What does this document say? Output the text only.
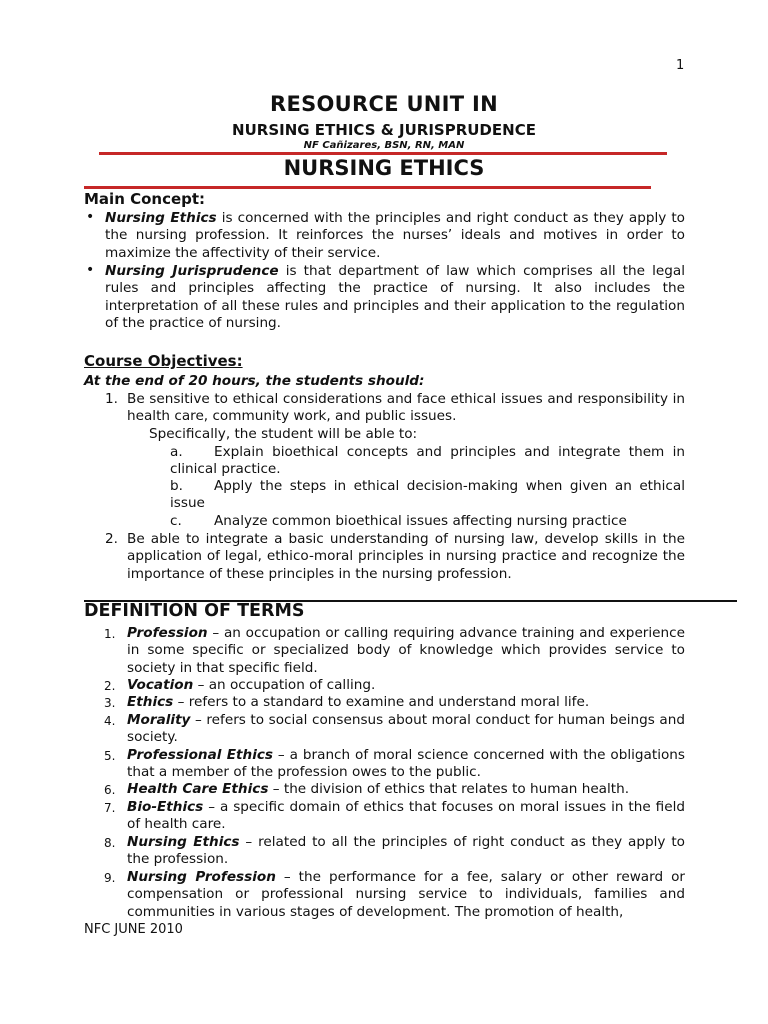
1
RESOURCE UNIT IN
NURSING ETHICS & JURISPRUDENCE
NF Cañizares, BSN, RN, MAN
NURSING ETHICS
Main Concept:
• Nursing Ethics is concerned with the principles and right conduct as they apply to the nursing profession. It reinforces the nurses’ ideals and motives in order to maximize the affectivity of their service.
• Nursing Jurisprudence is that department of law which comprises all the legal rules and principles affecting the practice of nursing. It also includes the interpretation of all these rules and principles and their application to the regulation of the practice of nursing.
Course Objectives:
At the end of 20 hours, the students should:
1. Be sensitive to ethical considerations and face ethical issues and responsibility in health care, community work, and public issues.
Specifically, the student will be able to:
a.	Explain bioethical concepts and principles and integrate them in clinical practice.
b.	Apply the steps in ethical decision-making when given an ethical issue
c.	Analyze common bioethical issues affecting nursing practice
2. Be able to integrate a basic understanding of nursing law, develop skills in the application of legal, ethico-moral principles in nursing practice and recognize the importance of these principles in the nursing profession.
DEFINITION OF TERMS
1. Profession – an occupation or calling requiring advance training and experience in some specific or specialized body of knowledge which provides service to society in that specific field.
2. Vocation – an occupation of calling.
3. Ethics – refers to a standard to examine and understand moral life.
4. Morality – refers to social consensus about moral conduct for human beings and society.
5. Professional Ethics – a branch of moral science concerned with the obligations that a member of the profession owes to the public.
6. Health Care Ethics – the division of ethics that relates to human health.
7. Bio-Ethics – a specific domain of ethics that focuses on moral issues in the field of health care.
8. Nursing Ethics – related to all the principles of right conduct as they apply to the profession.
9. Nursing Profession – the performance for a fee, salary or other reward or compensation or professional nursing service to individuals, families and communities in various stages of development. The promotion of health,
NFC JUNE 2010
